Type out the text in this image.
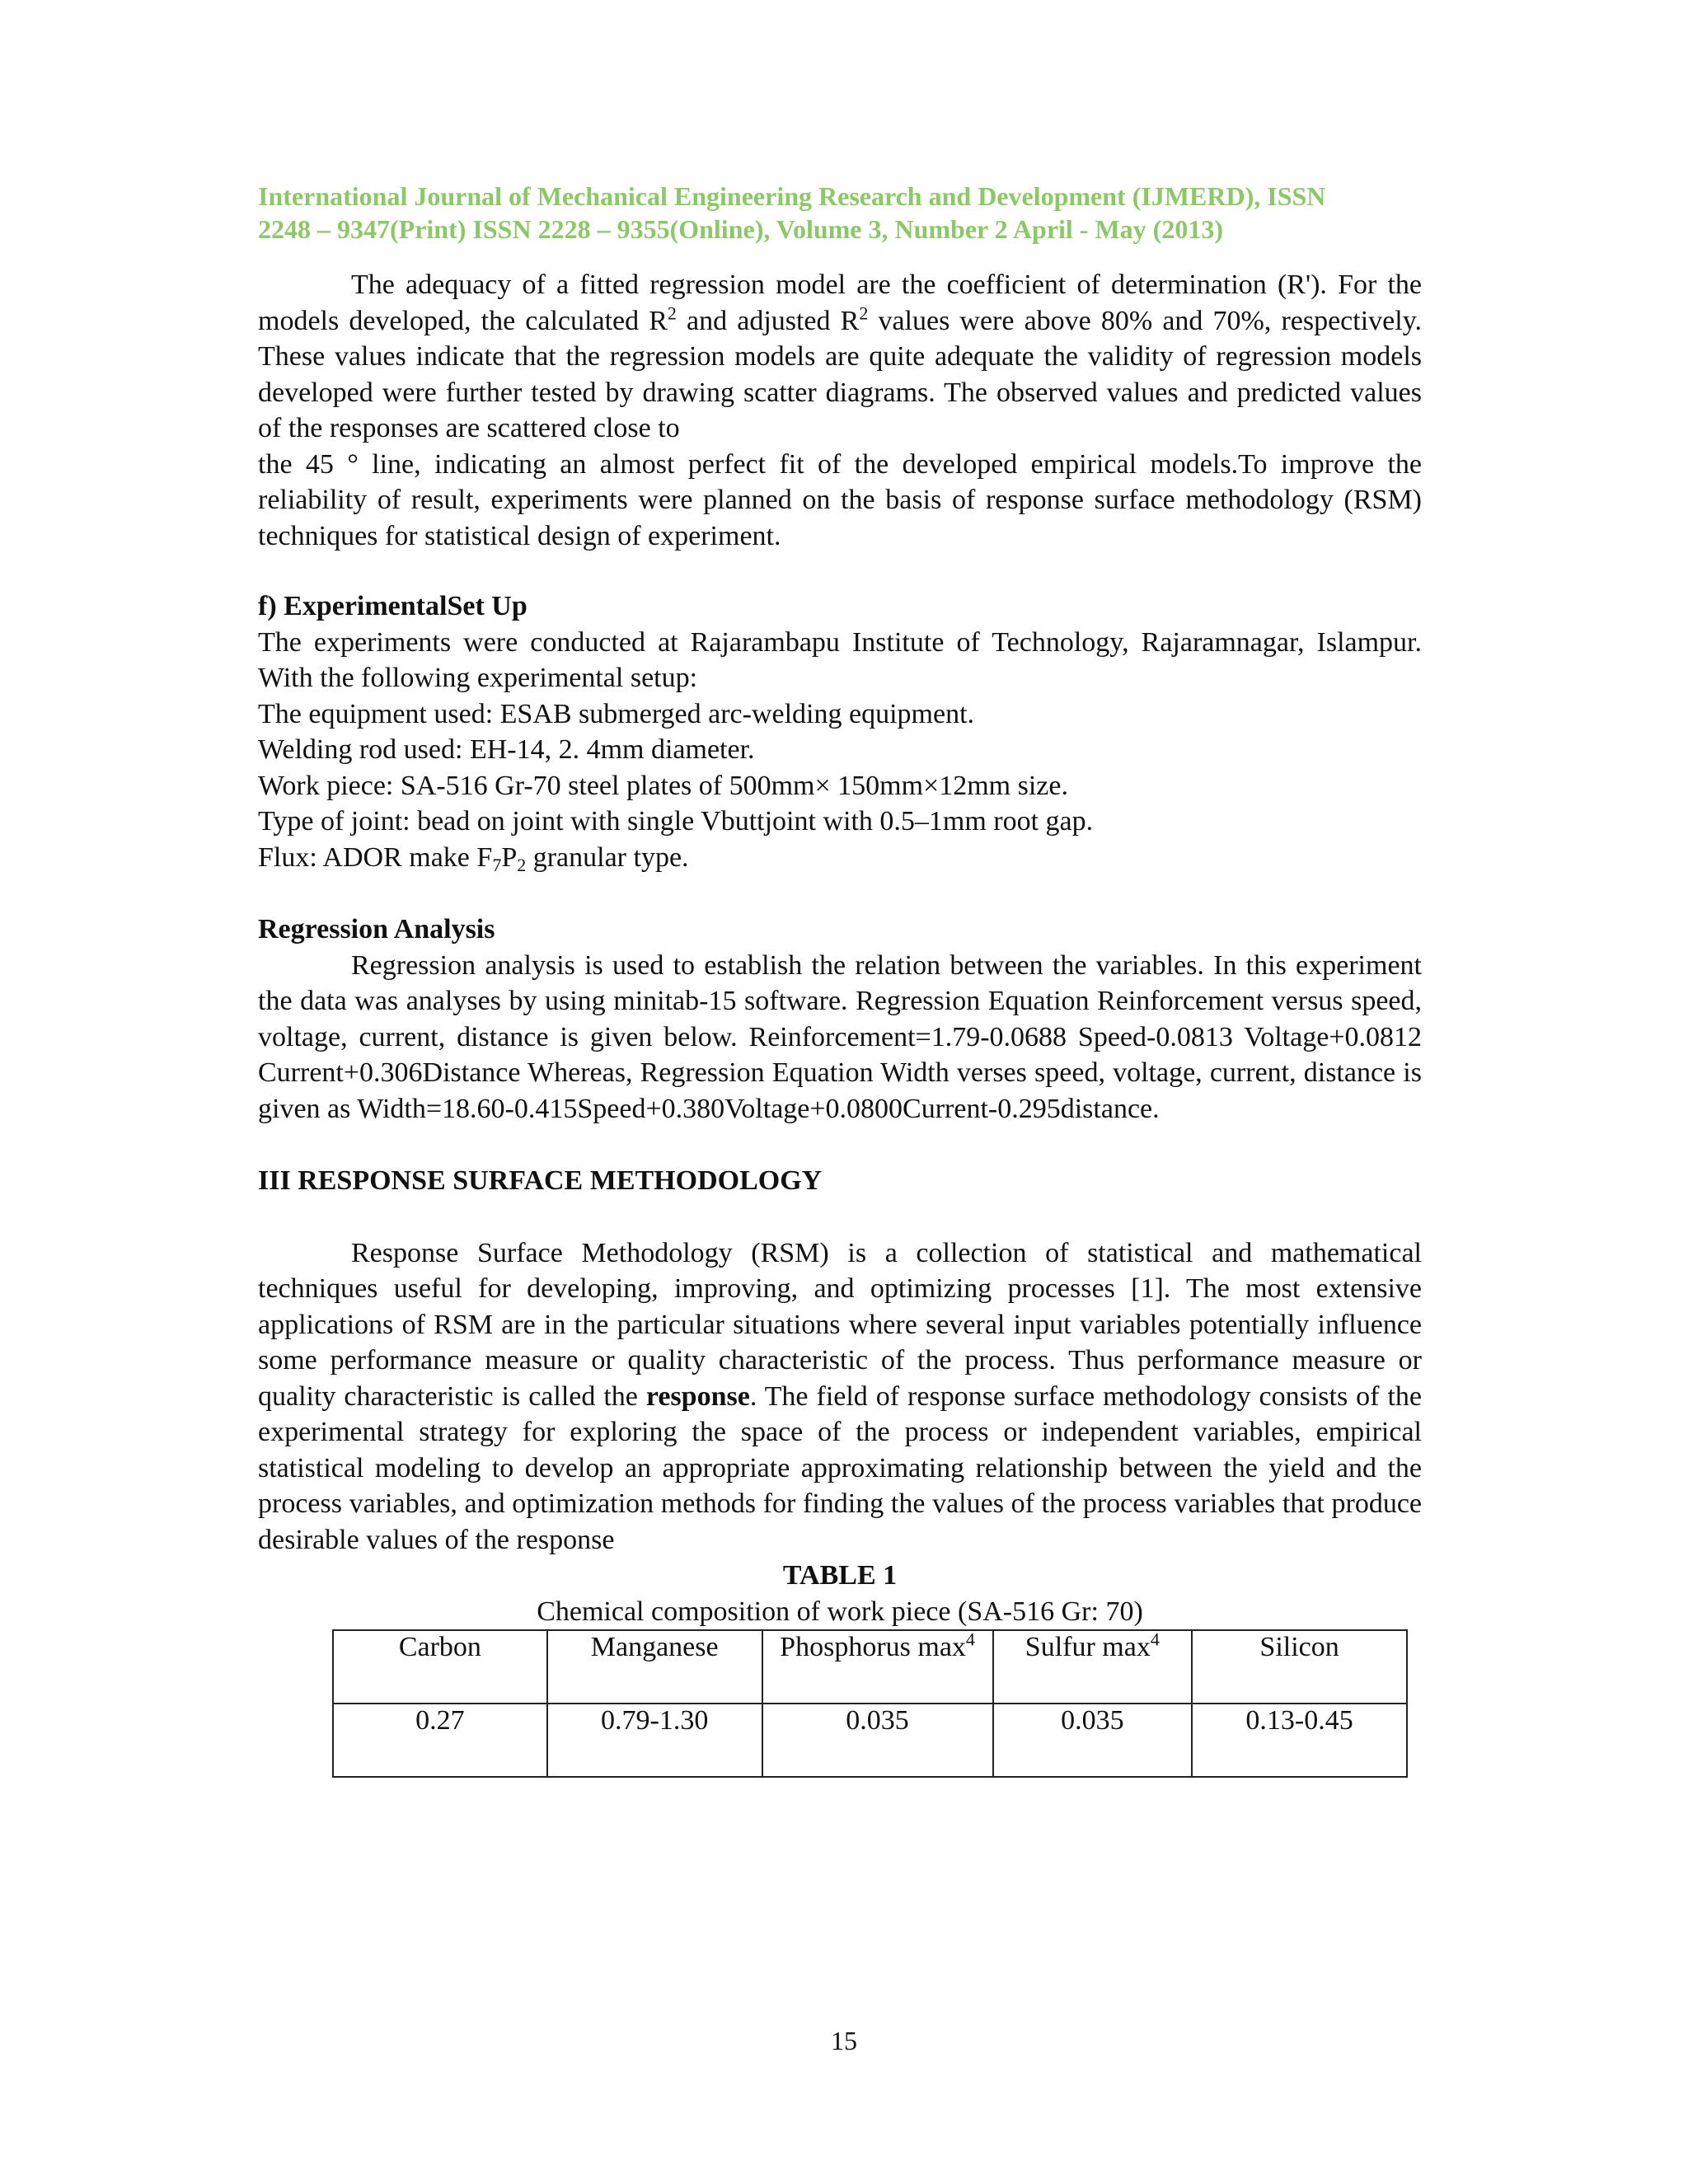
International Journal of Mechanical Engineering Research and Development (IJMERD), ISSN
2248 – 9347(Print) ISSN 2228 – 9355(Online), Volume 3, Number 2 April - May (2013)

The adequacy of a fitted regression model are the coefficient of determination (R'). For the models developed, the calculated $R^2$ and adjusted $R^2$ values were above 80% and 70%, respectively. These values indicate that the regression models are quite adequate the validity of regression models developed were further tested by drawing scatter diagrams. The observed values and predicted values of the responses are scattered close to

the 45 ° line, indicating an almost perfect fit of the developed empirical models.To improve the reliability of result, experiments were planned on the basis of response surface methodology (RSM) techniques for statistical design of experiment.

f) ExperimentalSet Up

The experiments were conducted at Rajarambapu Institute of Technology, Rajaramnagar, Islampur. With the following experimental setup:

The equipment used: ESAB submerged arc-welding equipment.

Welding rod used: EH-14, 2. 4mm diameter.

Work piece: SA-516 Gr-70 steel plates of 500mm× 150mm×12mm size.

Type of joint: bead on joint with single Vbuttjoint with 0.5–1mm root gap.

Flux: ADOR make $F_7P_2$ granular type.

Regression Analysis

Regression analysis is used to establish the relation between the variables. In this experiment the data was analyses by using minitab-15 software. Regression Equation Reinforcement versus speed, voltage, current, distance is given below. Reinforcement=1.79-0.0688 Speed-0.0813 Voltage+0.0812 Current+0.306Distance Whereas, Regression Equation Width verses speed, voltage, current, distance is given as Width=18.60-0.415Speed+0.380Voltage+0.0800Current-0.295distance.

III RESPONSE SURFACE METHODOLOGY

Response Surface Methodology (RSM) is a collection of statistical and mathematical techniques useful for developing, improving, and optimizing processes [1]. The most extensive applications of RSM are in the particular situations where several input variables potentially influence some performance measure or quality characteristic of the process. Thus performance measure or quality characteristic is called the response. The field of response surface methodology consists of the experimental strategy for exploring the space of the process or independent variables, empirical statistical modeling to develop an appropriate approximating relationship between the yield and the process variables, and optimization methods for finding the values of the process variables that produce desirable values of the response

TABLE 1

Chemical composition of work piece (SA-516 Gr: 70)

Carbon	Manganese	Phosphorus $\max^4$	Sulfur $\max^4$	Silicon
0.27	0.79-1.30	0.035	0.035	0.13-0.45
15
